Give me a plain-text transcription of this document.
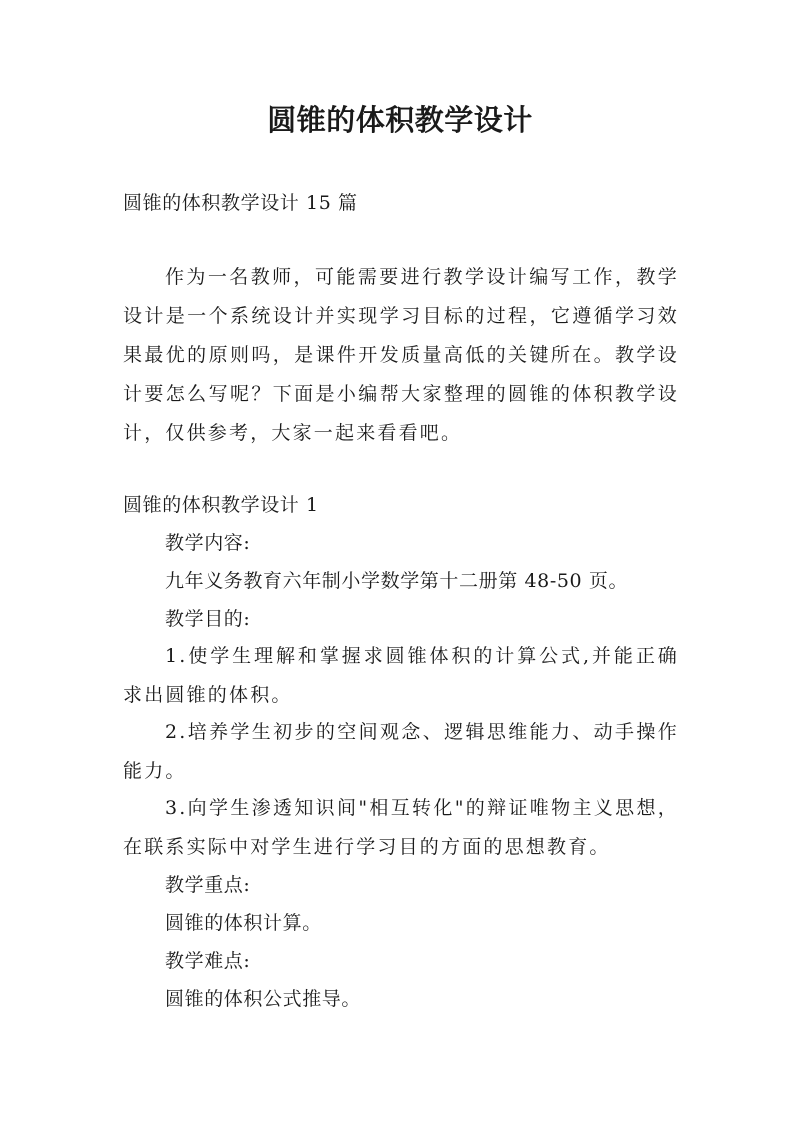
圆锥的体积教学设计
圆锥的体积教学设计 15 篇
作为一名教师，可能需要进行教学设计编写工作，教学设计是一个系统设计并实现学习目标的过程，它遵循学习效果最优的原则吗，是课件开发质量高低的关键所在。教学设计要怎么写呢？下面是小编帮大家整理的圆锥的体积教学设计，仅供参考，大家一起来看看吧。
圆锥的体积教学设计 1
教学内容:
九年义务教育六年制小学数学第十二册第 48-50 页。
教学目的:
1.使学生理解和掌握求圆锥体积的计算公式,并能正确求出圆锥的体积。
2.培养学生初步的空间观念、逻辑思维能力、动手操作能力。
3.向学生渗透知识间"相互转化"的辩证唯物主义思想，在联系实际中对学生进行学习目的方面的思想教育。
教学重点:
圆锥的体积计算。
教学难点:
圆锥的体积公式推导。
